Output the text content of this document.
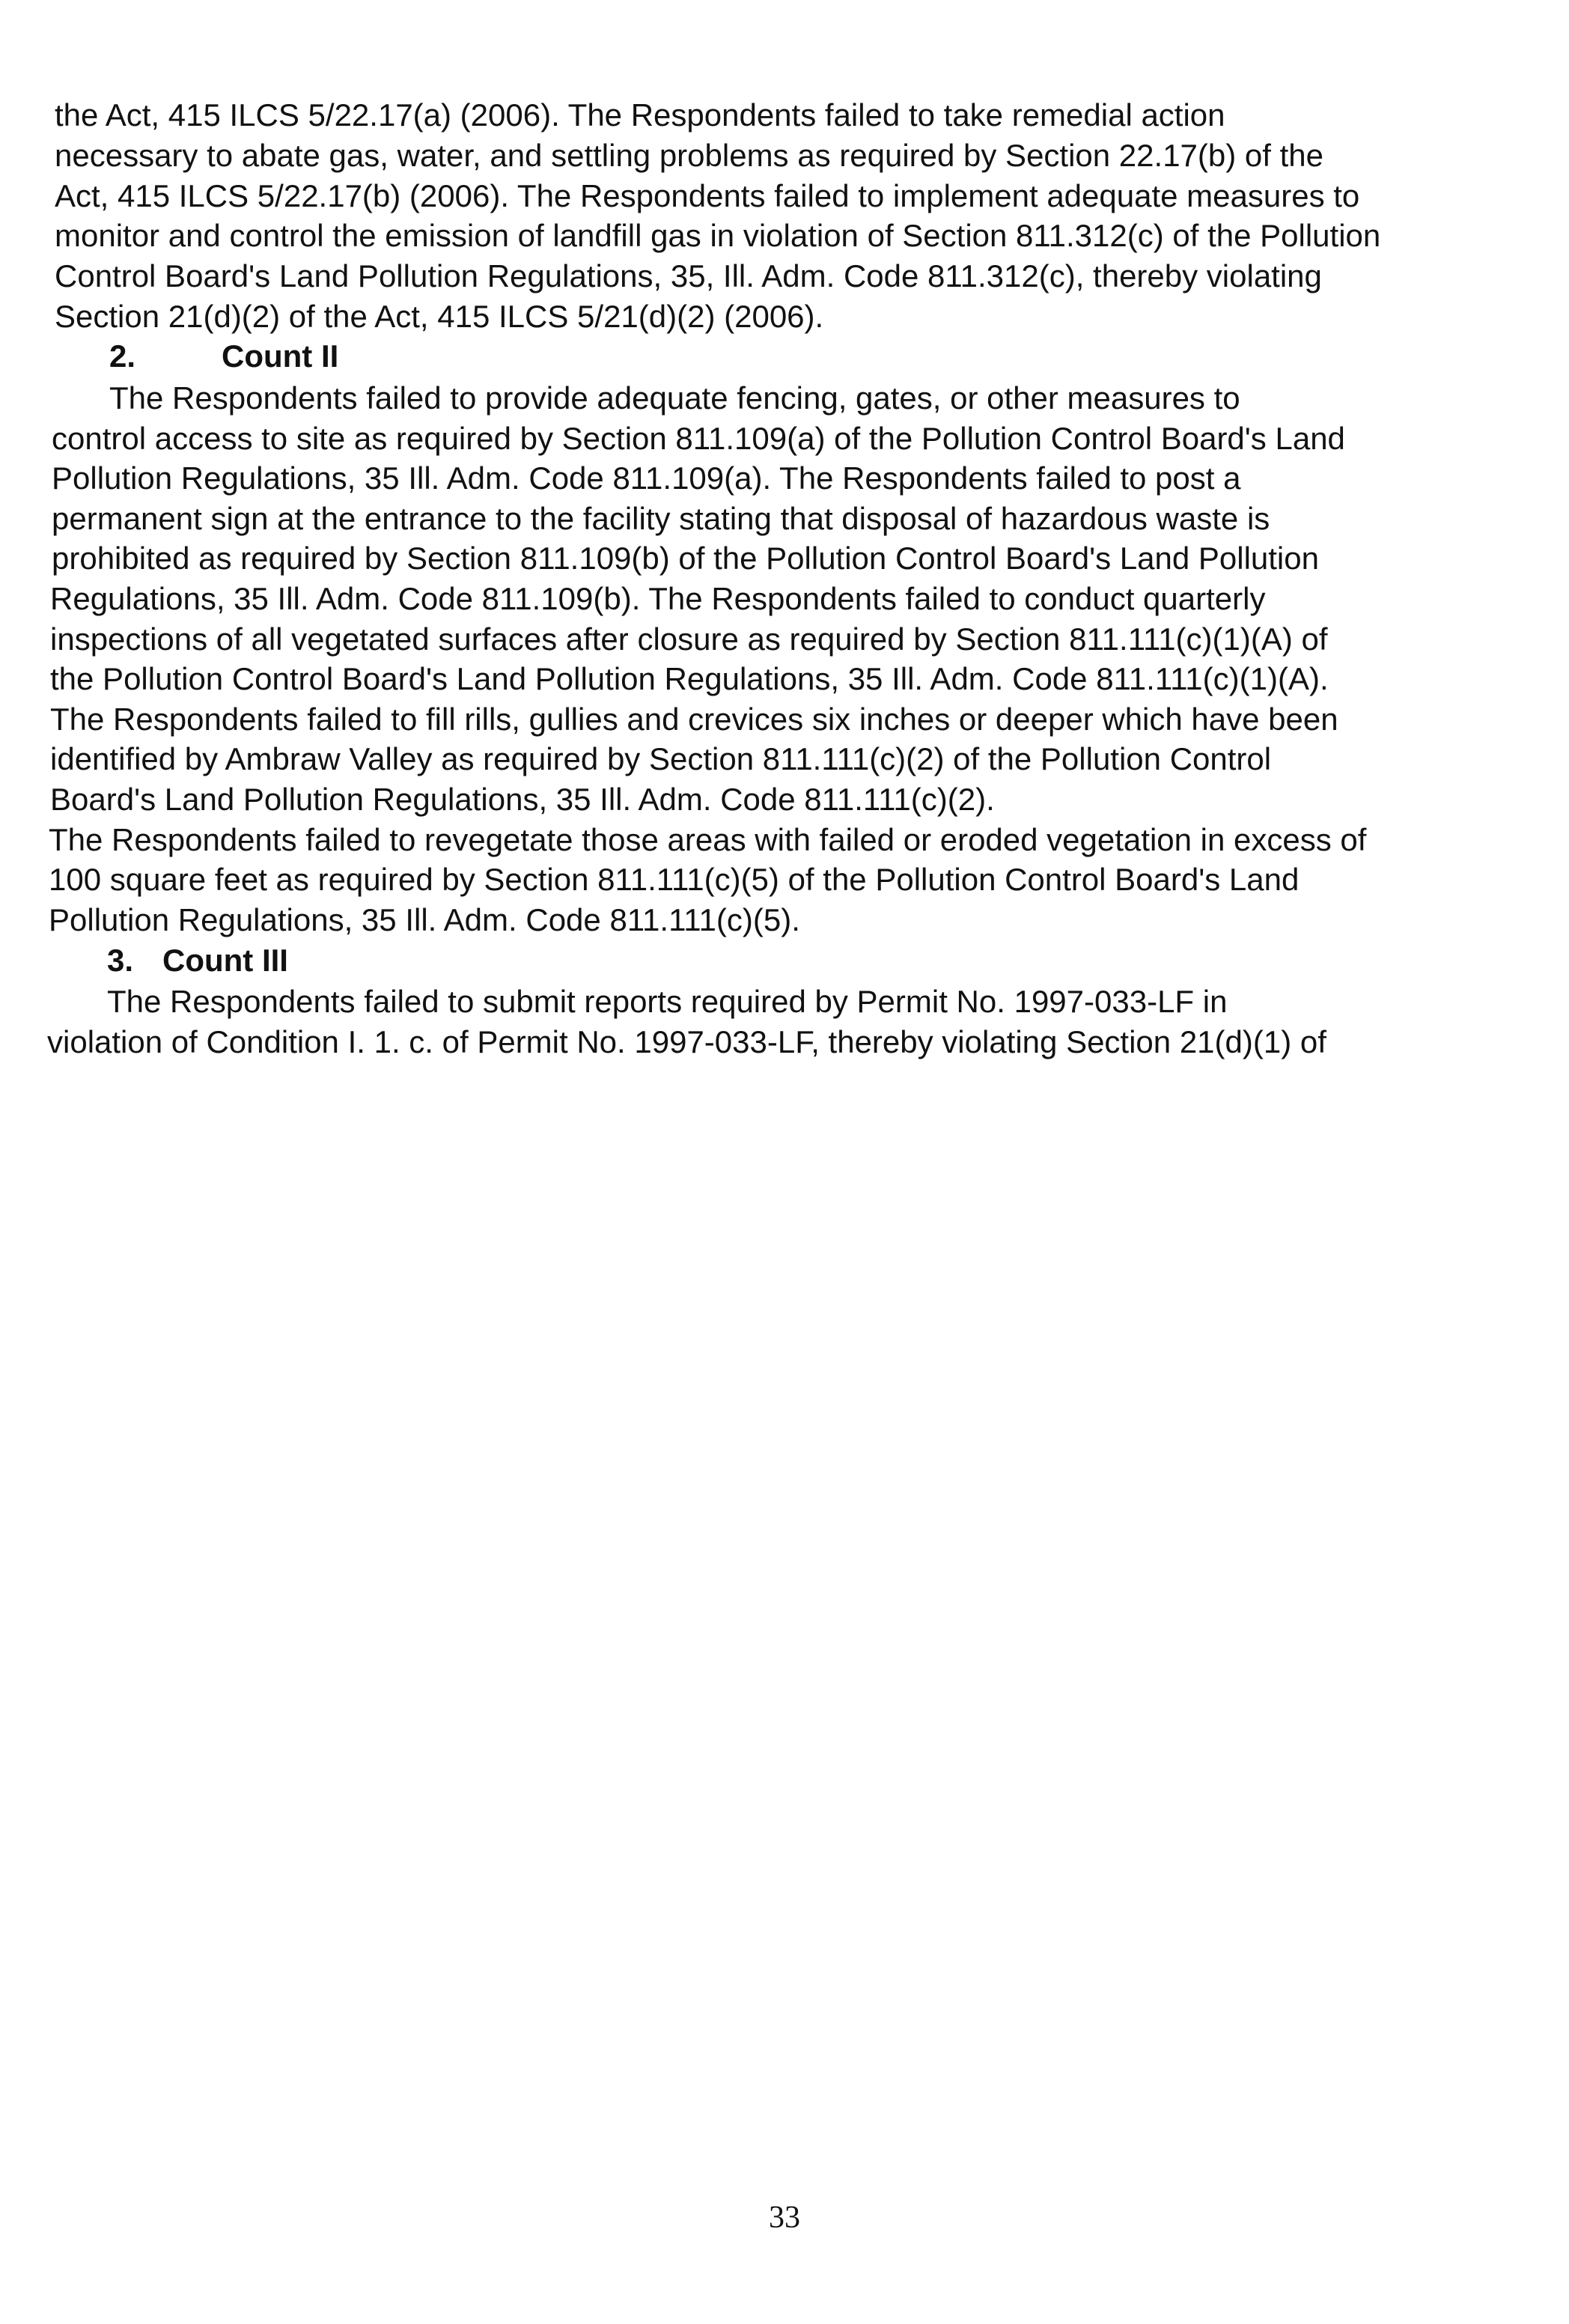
the Act, 415 ILCS 5/22.17(a) (2006). The Respondents failed to take remedial action
necessary to abate gas, water, and settling problems as required by Section 22.17(b) of the
Act, 415 ILCS 5/22.17(b) (2006). The Respondents failed to implement adequate measures to
monitor and control the emission of landfill gas in violation of Section 811.312(c) of the Pollution
Control Board's Land Pollution Regulations, 35, Ill. Adm. Code 811.312(c), thereby violating
Section 21(d)(2) of the Act, 415 ILCS 5/21(d)(2) (2006).
2.	Count II
The Respondents failed to provide adequate fencing, gates, or other measures to
control access to site as required by Section 811.109(a) of the Pollution Control Board's Land
Pollution Regulations, 35 Ill. Adm. Code 811.109(a). The Respondents failed to post a
permanent sign at the entrance to the facility stating that disposal of hazardous waste is
prohibited as required by Section 811.109(b) of the Pollution Control Board's Land Pollution
Regulations, 35 Ill. Adm. Code 811.109(b). The Respondents failed to conduct quarterly
inspections of all vegetated surfaces after closure as required by Section 811.111(c)(1)(A) of
the Pollution Control Board's Land Pollution Regulations, 35 Ill. Adm. Code 811.111(c)(1)(A).
The Respondents failed to fill rills, gullies and crevices six inches or deeper which have been
identified by Ambraw Valley as required by Section 811.111(c)(2) of the Pollution Control
Board's Land Pollution Regulations, 35 Ill. Adm. Code 811.111(c)(2).
The Respondents failed to revegetate those areas with failed or eroded vegetation in excess of
100 square feet as required by Section 811.111(c)(5) of the Pollution Control Board's Land
Pollution Regulations, 35 Ill. Adm. Code 811.111(c)(5).
3. Count III
The Respondents failed to submit reports required by Permit No. 1997-033-LF in
violation of Condition I. 1. c. of Permit No. 1997-033-LF, thereby violating Section 21(d)(1) of
33
